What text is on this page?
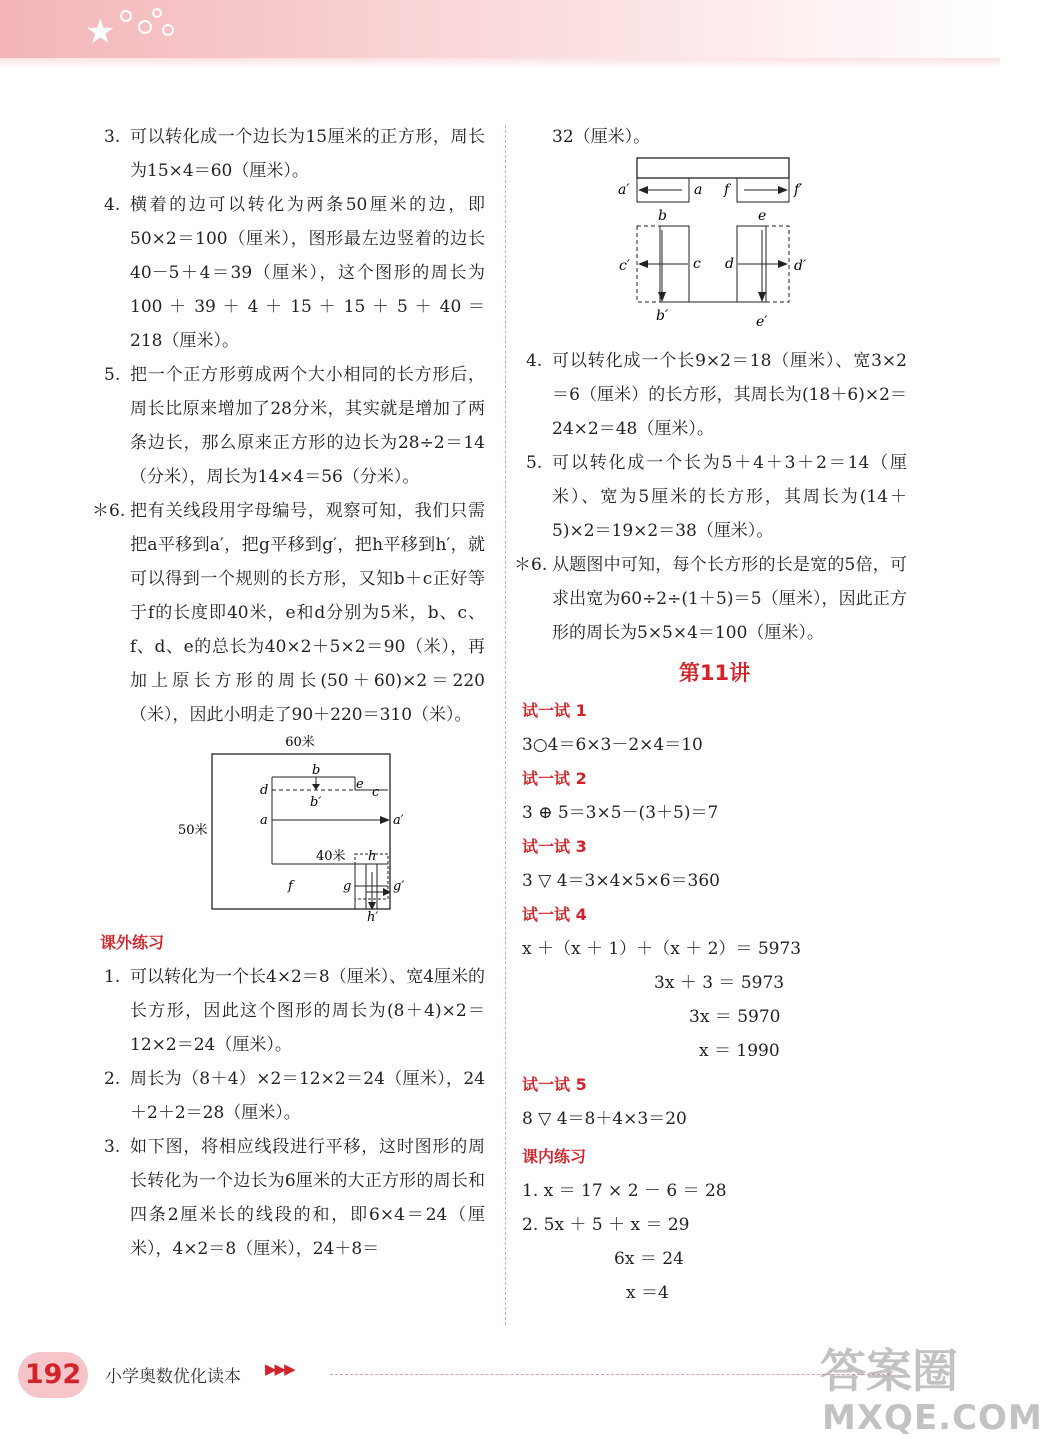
★
3. 可以转化成一个边长为15厘米的正方形，周长为15×4＝60（厘米）。
4. 横着的边可以转化为两条50厘米的边，即50×2＝100（厘米），图形最左边竖着的边长40－5＋4＝39（厘米），这个图形的周长为 100 ＋ 39 ＋ 4 ＋ 15 ＋ 15 ＋ 5 ＋ 40 ＝ 218（厘米）。
5. 把一个正方形剪成两个大小相同的长方形后，周长比原来增加了28分米，其实就是增加了两条边长，那么原来正方形的边长为28÷2＝14（分米），周长为14×4＝56（分米）。
＊6. 把有关线段用字母编号，观察可知，我们只需把a平移到a′，把g平移到g′，把h平移到h′，就可以得到一个规则的长方形，又知b＋c正好等于f的长度即40米，e和d分别为5米，b、c、f、d、e的总长为40×2＋5×2＝90（米），再加上原长方形的周长(50＋60)×2＝220（米），因此小明走了90＋220＝310（米）。
60米
50米
d
b
b′
e
c
a	a′
40米 h
g	g′
f
h′
课外练习
1. 可以转化为一个长4×2＝8（厘米）、宽4厘米的长方形，因此这个图形的周长为(8＋4)×2＝12×2＝24（厘米）。
2. 周长为（8＋4）×2＝12×2＝24（厘米），24＋2＋2＝28（厘米）。
3. 如下图，将相应线段进行平移，这时图形的周长转化为一个边长为6厘米的大正方形的周长和四条2厘米长的线段的和，即6×4＝24（厘米），4×2＝8（厘米），24＋8＝
32（厘米）。
a′	a f	f′
b	e
c′	c d	d′
b′	e′
4. 可以转化成一个长9×2＝18（厘米）、宽3×2＝6（厘米）的长方形，其周长为(18＋6)×2＝24×2＝48（厘米）。
5. 可以转化成一个长为5＋4＋3＋2＝14（厘米）、宽为5厘米的长方形，其周长为(14＋5)×2＝19×2＝38（厘米）。
＊6. 从题图中可知，每个长方形的长是宽的5倍，可求出宽为60÷2÷(1＋5)＝5（厘米），因此正方形的周长为5×5×4＝100（厘米）。
第11讲
试一试 1
3○4＝6×3－2×4＝10
试一试 2
3 ⊕ 5＝3×5－(3＋5)＝7
试一试 3
3 ▽ 4＝3×4×5×6＝360
试一试 4
x ＋（x ＋ 1）＋（x ＋ 2）＝ 5973
3x ＋ 3 ＝ 5973
3x ＝ 5970
x ＝ 1990
试一试 5
8 ▽ 4＝8＋4×3＝20
课内练习
1. x ＝ 17 × 2 － 6 ＝ 28
2. 5x ＋ 5 ＋ x ＝ 29
6x ＝ 24
x ＝4
192	小学奥数优化读本 ▶▶▶	答案圈
MXQE.COM
